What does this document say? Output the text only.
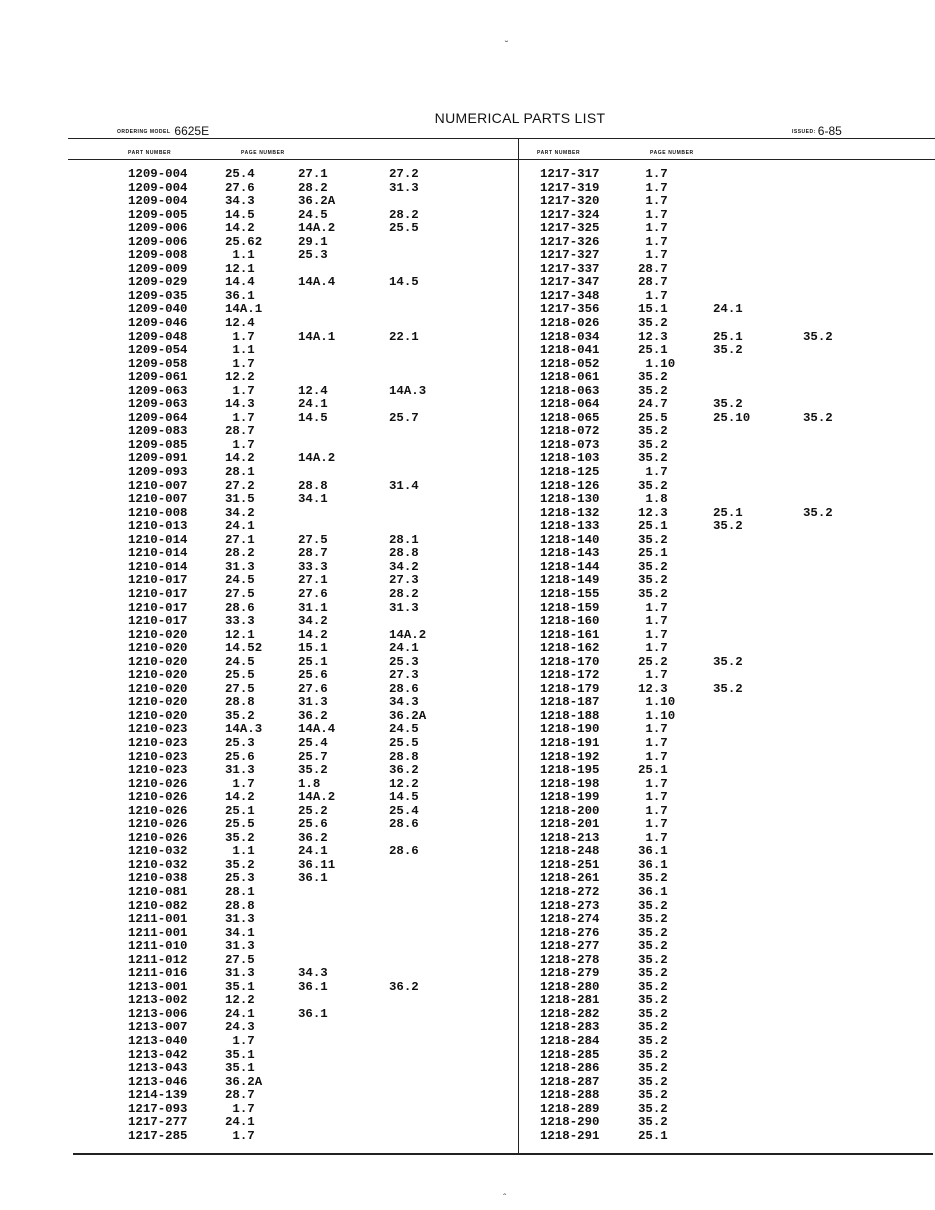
˘
NUMERICAL PARTS LIST
ORDERING MODEL 6625E	ISSUED: 6-85
PART NUMBER	PAGE NUMBER	PART NUMBER	PAGE NUMBER
1209-004	25.4	27.1	27.2
1209-004	27.6	28.2	31.3
1209-004	34.3	36.2A
1209-005	14.5	24.5	28.2
1209-006	14.2	14A.2	25.5
1209-006	25.62	29.1
1209-008	1.1	25.3
1209-009	12.1
1209-029	14.4	14A.4	14.5
1209-035	36.1
1209-040	14A.1
1209-046	12.4
1209-048	1.7	14A.1	22.1
1209-054	1.1
1209-058	1.7
1209-061	12.2
1209-063	1.7	12.4	14A.3
1209-063	14.3	24.1
1209-064	1.7	14.5	25.7
1209-083	28.7
1209-085	1.7
1209-091	14.2	14A.2
1209-093	28.1
1210-007	27.2	28.8	31.4
1210-007	31.5	34.1
1210-008	34.2
1210-013	24.1
1210-014	27.1	27.5	28.1
1210-014	28.2	28.7	28.8
1210-014	31.3	33.3	34.2
1210-017	24.5	27.1	27.3
1210-017	27.5	27.6	28.2
1210-017	28.6	31.1	31.3
1210-017	33.3	34.2
1210-020	12.1	14.2	14A.2
1210-020	14.52	15.1	24.1
1210-020	24.5	25.1	25.3
1210-020	25.5	25.6	27.3
1210-020	27.5	27.6	28.6
1210-020	28.8	31.3	34.3
1210-020	35.2	36.2	36.2A
1210-023	14A.3	14A.4	24.5
1210-023	25.3	25.4	25.5
1210-023	25.6	25.7	28.8
1210-023	31.3	35.2	36.2
1210-026	1.7	1.8	12.2
1210-026	14.2	14A.2	14.5
1210-026	25.1	25.2	25.4
1210-026	25.5	25.6	28.6
1210-026	35.2	36.2
1210-032	1.1	24.1	28.6
1210-032	35.2	36.11
1210-038	25.3	36.1
1210-081	28.1
1210-082	28.8
1211-001	31.3
1211-001	34.1
1211-010	31.3
1211-012	27.5
1211-016	31.3	34.3
1213-001	35.1	36.1	36.2
1213-002	12.2
1213-006	24.1	36.1
1213-007	24.3
1213-040	1.7
1213-042	35.1
1213-043	35.1
1213-046	36.2A
1214-139	28.7
1217-093	1.7
1217-277	24.1
1217-285	1.7
1217-317	1.7
1217-319	1.7
1217-320	1.7
1217-324	1.7
1217-325	1.7
1217-326	1.7
1217-327	1.7
1217-337	28.7
1217-347	28.7
1217-348	1.7
1217-356	15.1	24.1
1218-026	35.2
1218-034	12.3	25.1	35.2
1218-041	25.1	35.2
1218-052	1.10
1218-061	35.2
1218-063	35.2
1218-064	24.7	35.2
1218-065	25.5	25.10	35.2
1218-072	35.2
1218-073	35.2
1218-103	35.2
1218-125	1.7
1218-126	35.2
1218-130	1.8
1218-132	12.3	25.1	35.2
1218-133	25.1	35.2
1218-140	35.2
1218-143	25.1
1218-144	35.2
1218-149	35.2
1218-155	35.2
1218-159	1.7
1218-160	1.7
1218-161	1.7
1218-162	1.7
1218-170	25.2	35.2
1218-172	1.7
1218-179	12.3	35.2
1218-187	1.10
1218-188	1.10
1218-190	1.7
1218-191	1.7
1218-192	1.7
1218-195	25.1
1218-198	1.7
1218-199	1.7
1218-200	1.7
1218-201	1.7
1218-213	1.7
1218-248	36.1
1218-251	36.1
1218-261	35.2
1218-272	36.1
1218-273	35.2
1218-274	35.2
1218-276	35.2
1218-277	35.2
1218-278	35.2
1218-279	35.2
1218-280	35.2
1218-281	35.2
1218-282	35.2
1218-283	35.2
1218-284	35.2
1218-285	35.2
1218-286	35.2
1218-287	35.2
1218-288	35.2
1218-289	35.2
1218-290	35.2
1218-291	25.1
ˆ
